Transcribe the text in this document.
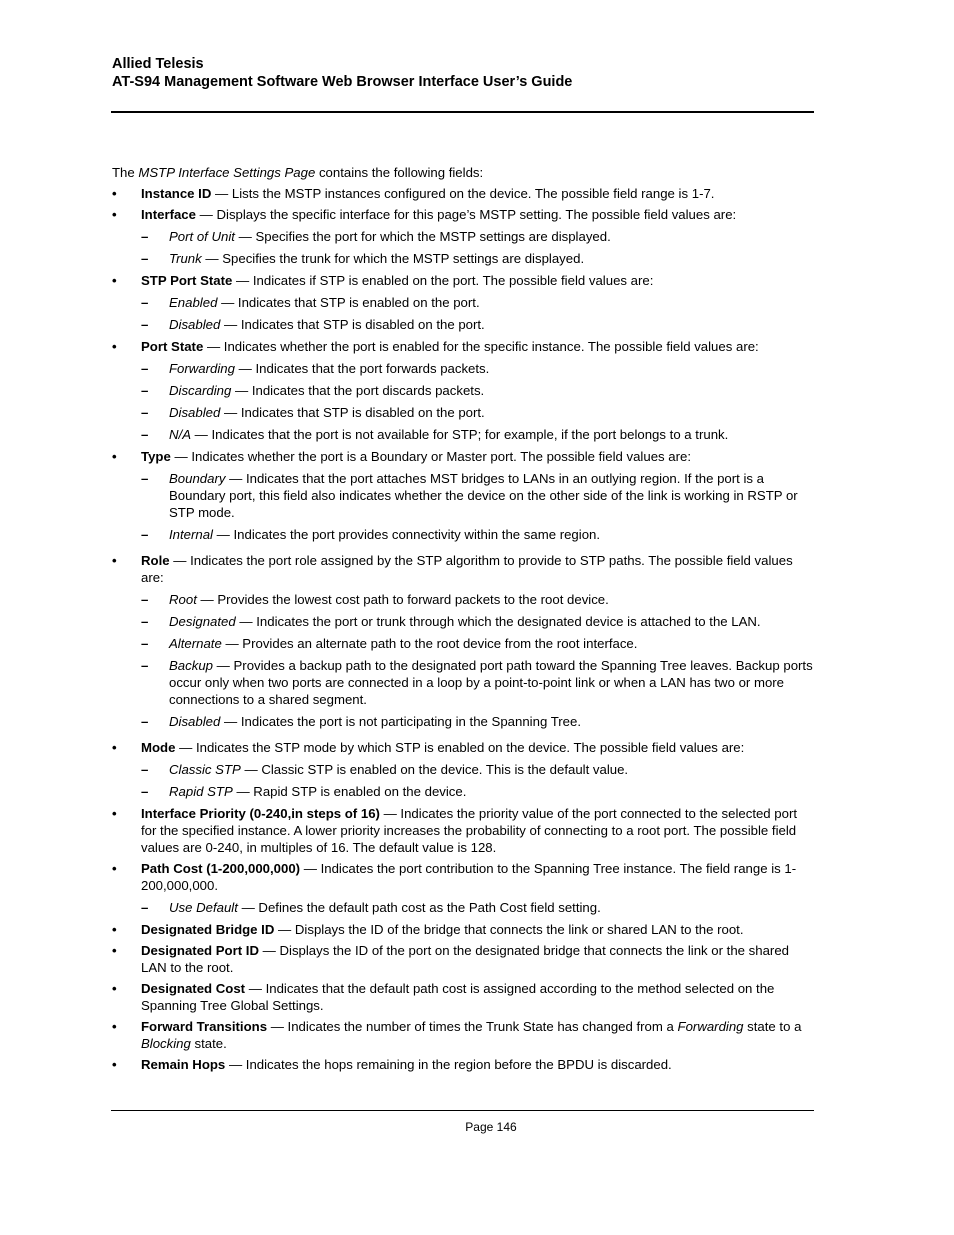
Allied Telesis
AT-S94 Management Software Web Browser Interface User’s Guide

The MSTP Interface Settings Page contains the following fields:

• Instance ID — Lists the MSTP instances configured on the device. The possible field range is 1-7.
• Interface — Displays the specific interface for this page’s MSTP setting. The possible field values are:
– Port of Unit — Specifies the port for which the MSTP settings are displayed.
– Trunk — Specifies the trunk for which the MSTP settings are displayed.
• STP Port State — Indicates if STP is enabled on the port. The possible field values are:
– Enabled — Indicates that STP is enabled on the port.
– Disabled — Indicates that STP is disabled on the port.
• Port State — Indicates whether the port is enabled for the specific instance. The possible field values are:
– Forwarding — Indicates that the port forwards packets.
– Discarding — Indicates that the port discards packets.
– Disabled — Indicates that STP is disabled on the port.
– N/A — Indicates that the port is not available for STP; for example, if the port belongs to a trunk.
• Type — Indicates whether the port is a Boundary or Master port. The possible field values are:
– Boundary — Indicates that the port attaches MST bridges to LANs in an outlying region. If the port is a Boundary port, this field also indicates whether the device on the other side of the link is working in RSTP or STP mode.
– Internal — Indicates the port provides connectivity within the same region.
• Role — Indicates the port role assigned by the STP algorithm to provide to STP paths. The possible field values are:
– Root — Provides the lowest cost path to forward packets to the root device.
– Designated — Indicates the port or trunk through which the designated device is attached to the LAN.
– Alternate — Provides an alternate path to the root device from the root interface.
– Backup — Provides a backup path to the designated port path toward the Spanning Tree leaves. Backup ports occur only when two ports are connected in a loop by a point-to-point link or when a LAN has two or more connections to a shared segment.
– Disabled — Indicates the port is not participating in the Spanning Tree.
• Mode — Indicates the STP mode by which STP is enabled on the device. The possible field values are:
– Classic STP — Classic STP is enabled on the device. This is the default value.
– Rapid STP — Rapid STP is enabled on the device.
• Interface Priority (0-240,in steps of 16) — Indicates the priority value of the port connected to the selected port for the specified instance. A lower priority increases the probability of connecting to a root port. The possible field values are 0-240, in multiples of 16. The default value is 128.
• Path Cost (1-200,000,000) — Indicates the port contribution to the Spanning Tree instance. The field range is 1-200,000,000.
– Use Default — Defines the default path cost as the Path Cost field setting.
• Designated Bridge ID — Displays the ID of the bridge that connects the link or shared LAN to the root.
• Designated Port ID — Displays the ID of the port on the designated bridge that connects the link or the shared LAN to the root.
• Designated Cost — Indicates that the default path cost is assigned according to the method selected on the Spanning Tree Global Settings.
• Forward Transitions — Indicates the number of times the Trunk State has changed from a Forwarding state to a Blocking state.
• Remain Hops — Indicates the hops remaining in the region before the BPDU is discarded.
Page 146
